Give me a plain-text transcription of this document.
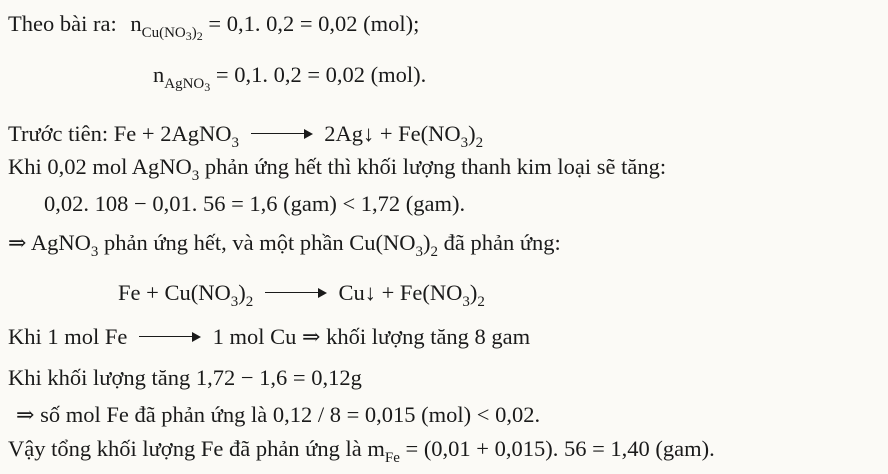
Theo bài ra: $n_{Cu(NO_3)_2} = 0,1$. 0,2 = 0,02 (mol);
$n_{AgNO_3} = 0,1$. 0,2 = 0,02 (mol).
Trước tiên: Fe + 2AgNO$_3$	2Ag↓ + $Fe(NO_3)_2$
Khi 0,02 mol AgNO$_3$ phản ứng hết thì khối lượng thanh kim loại sẽ tăng:
0,02. 108 − 0,01. 56 = 1,6 (gam) < 1,72 (gam).
⇒ AgNO$_3$ phản ứng hết, và một phần $Cu(NO_3)_2$ đã phản ứng:
$Fe + Cu(NO_3)_2$	Cu↓ + $Fe(NO_3)_2$
Khi 1 mol Fe	1 mol Cu ⇒ khối lượng tăng 8 gam
Khi khối lượng tăng 1,72 − 1,6 = 0,12g
⇒ số mol Fe đã phản ứng là 0,12 / 8 = 0,015 (mol) < 0,02.
Vậy tổng khối lượng Fe đã phản ứng là $m_{Fe} = (0,01 + 0,015)$. 56 = 1,40 (gam).
